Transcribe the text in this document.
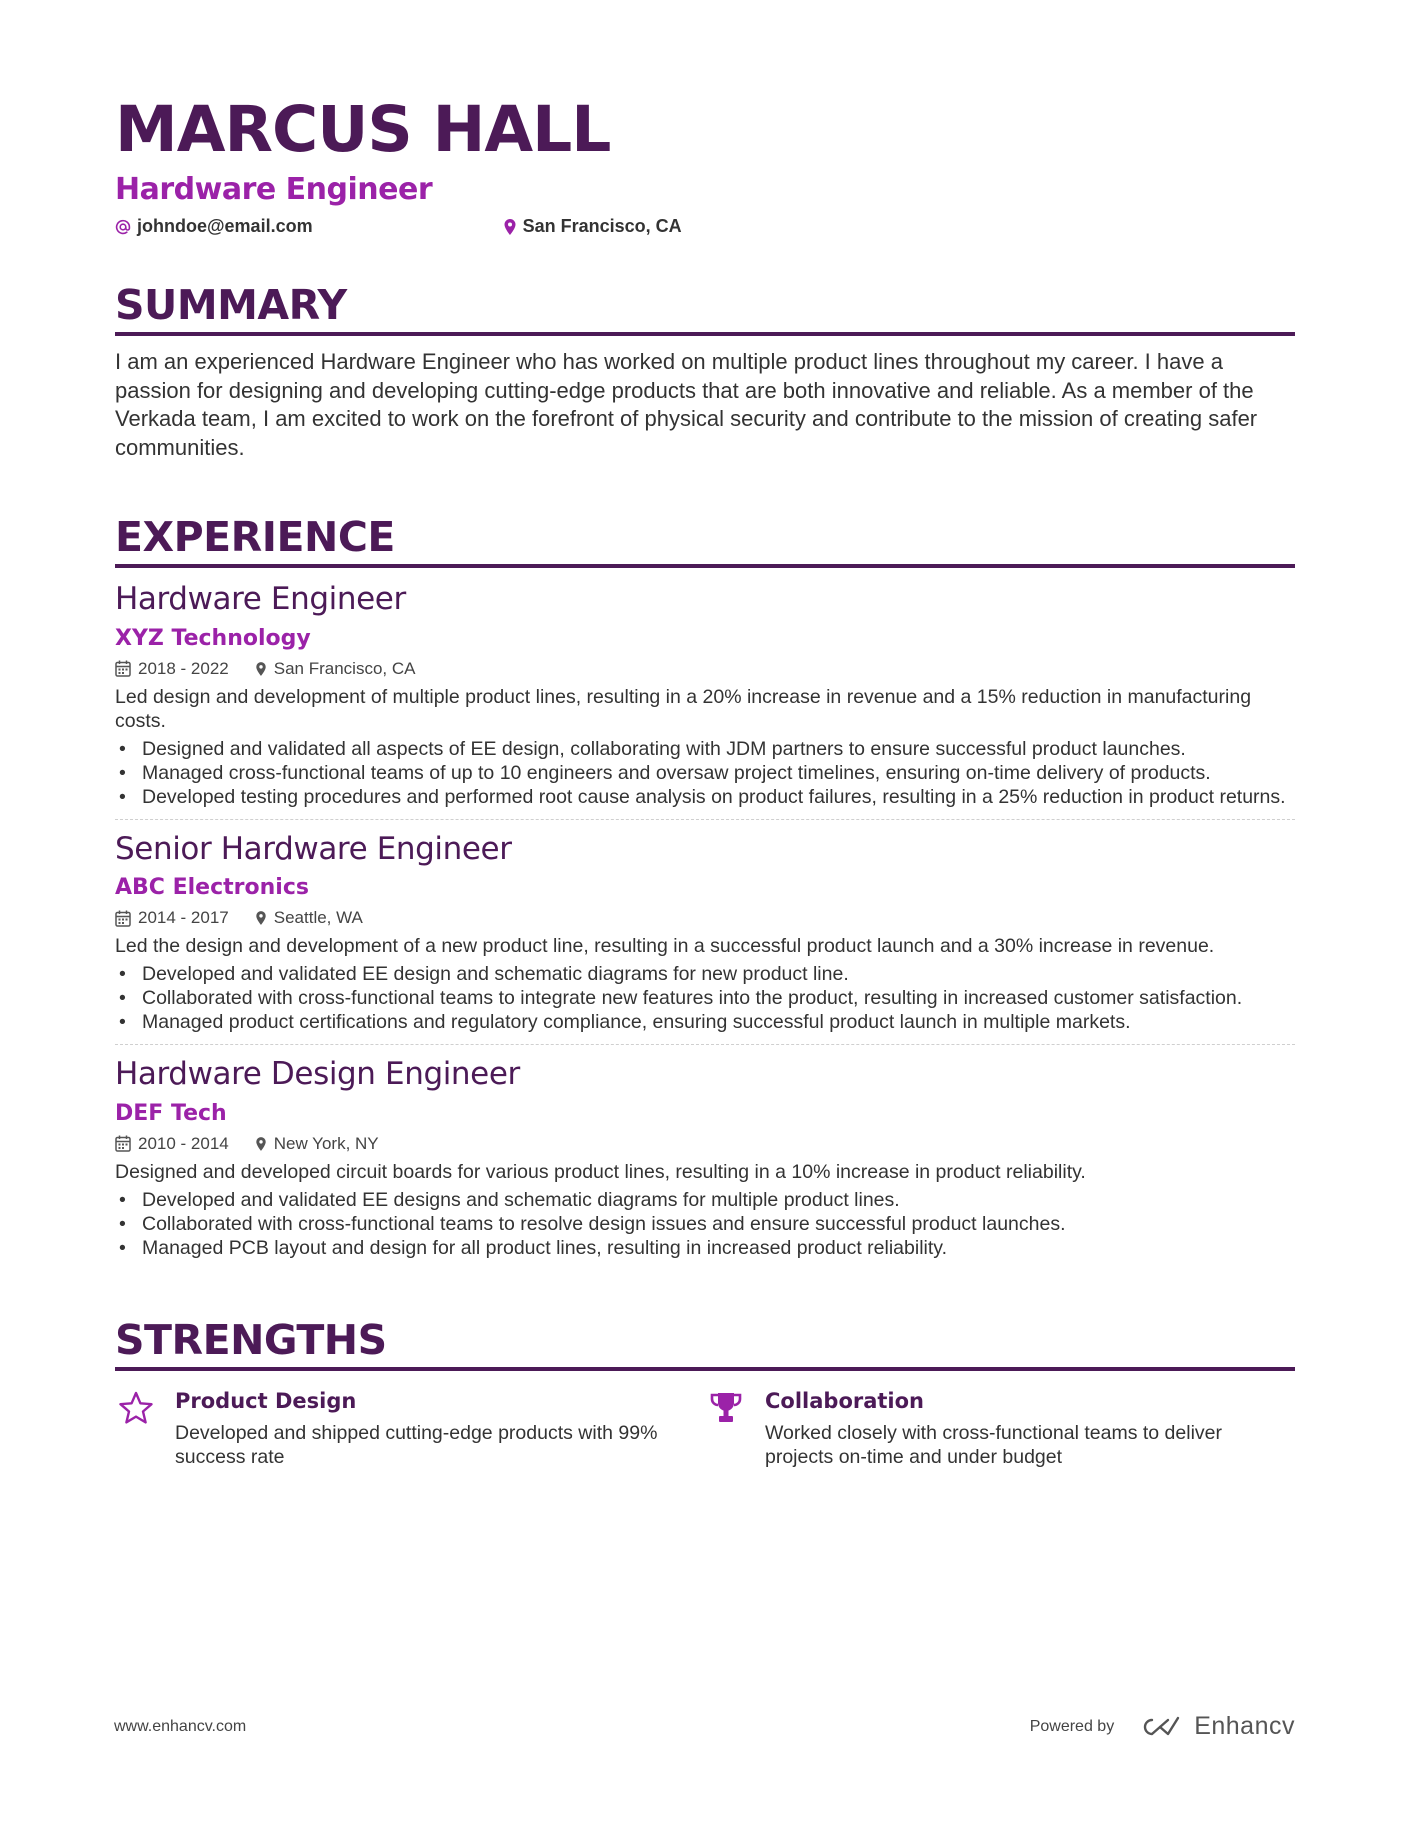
MARCUS HALL
Hardware Engineer
johndoe@email.com	San Francisco, CA
SUMMARY

I am an experienced Hardware Engineer who has worked on multiple product lines throughout my career. I have a passion for designing and developing cutting-edge products that are both innovative and reliable. As a member of the Verkada team, I am excited to work on the forefront of physical security and contribute to the mission of creating safer communities.

EXPERIENCE
Hardware Engineer
XYZ Technology
2018 - 2022	San Francisco, CA
Led design and development of multiple product lines, resulting in a 20% increase in revenue and a 15% reduction in manufacturing costs.
• Designed and validated all aspects of EE design, collaborating with JDM partners to ensure successful product launches.
• Managed cross-functional teams of up to 10 engineers and oversaw project timelines, ensuring on-time delivery of products.
• Developed testing procedures and performed root cause analysis on product failures, resulting in a 25% reduction in product returns.
Senior Hardware Engineer
ABC Electronics
2014 - 2017	Seattle, WA
Led the design and development of a new product line, resulting in a successful product launch and a 30% increase in revenue.
• Developed and validated EE design and schematic diagrams for new product line.
• Collaborated with cross-functional teams to integrate new features into the product, resulting in increased customer satisfaction.
• Managed product certifications and regulatory compliance, ensuring successful product launch in multiple markets.
Hardware Design Engineer
DEF Tech
2010 - 2014	New York, NY
Designed and developed circuit boards for various product lines, resulting in a 10% increase in product reliability.
• Developed and validated EE designs and schematic diagrams for multiple product lines.
• Collaborated with cross-functional teams to resolve design issues and ensure successful product launches.
• Managed PCB layout and design for all product lines, resulting in increased product reliability.
STRENGTHS
Product Design
Developed and shipped cutting-edge products with 99% success rate
Collaboration
Worked closely with cross-functional teams to deliver projects on-time and under budget
www.enhancv.com	Powered by	Enhancv
